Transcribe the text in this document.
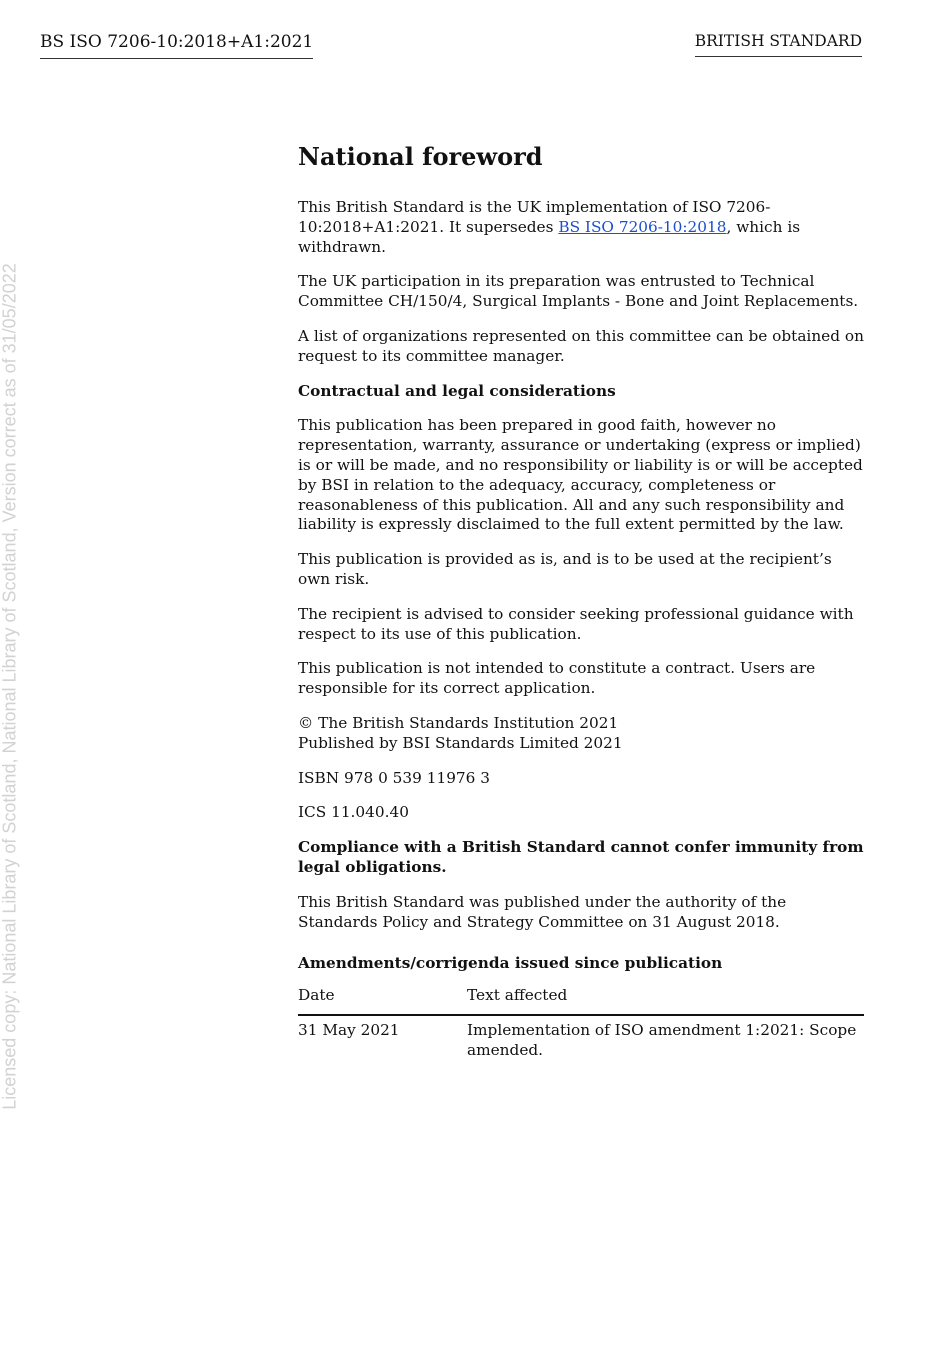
BS ISO 7206-10:2018+A1:2021	BRITISH STANDARD
Licensed copy: National Library of Scotland, National Library of Scotland, Version correct as of 31/05/2022
National foreword

This British Standard is the UK implementation of ISO 7206-10:2018+A1:2021. It supersedes BS ISO 7206-10:2018, which is withdrawn.

The UK participation in its preparation was entrusted to Technical Committee CH/150/4, Surgical Implants - Bone and Joint Replacements.

A list of organizations represented on this committee can be obtained on request to its committee manager.

Contractual and legal considerations

This publication has been prepared in good faith, however no representation, warranty, assurance or undertaking (express or implied) is or will be made, and no responsibility or liability is or will be accepted by BSI in relation to the adequacy, accuracy, completeness or reasonableness of this publication. All and any such responsibility and liability is expressly disclaimed to the full extent permitted by the law.

This publication is provided as is, and is to be used at the recipient’s own risk.

The recipient is advised to consider seeking professional guidance with respect to its use of this publication.

This publication is not intended to constitute a contract. Users are responsible for its correct application.

© The British Standards Institution 2021
Published by BSI Standards Limited 2021

ISBN 978 0 539 11976 3

ICS 11.040.40

Compliance with a British Standard cannot confer immunity from legal obligations.

This British Standard was published under the authority of the Standards Policy and Strategy Committee on 31 August 2018.

Amendments/corrigenda issued since publication
Date	Text affected
31 May 2021	Implementation of ISO amendment 1:2021: Scope amended.
